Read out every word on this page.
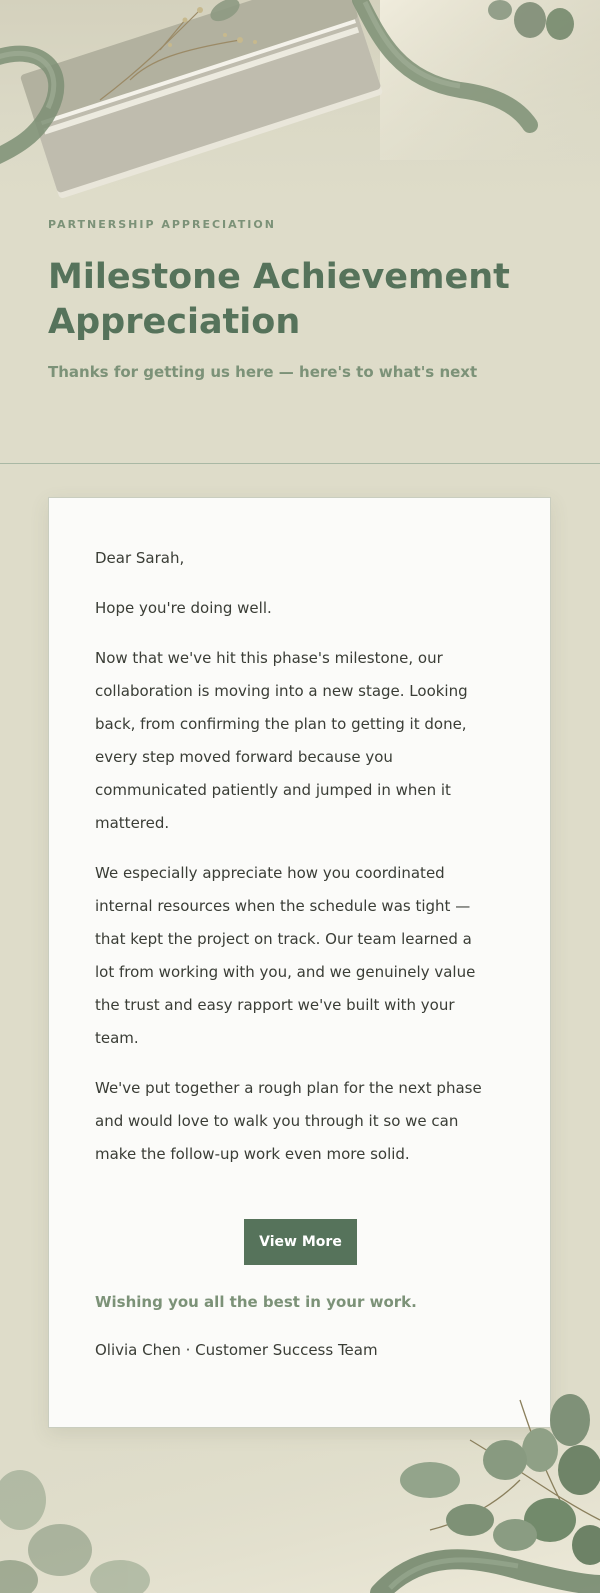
PARTNERSHIP APPRECIATION
Milestone Achievement
Appreciation
Thanks for getting us here — here's to what's next

Dear Sarah,

Hope you're doing well.

Now that we've hit this phase's milestone, our collaboration is moving into a new stage. Looking back, from confirming the plan to getting it done, every step moved forward because you communicated patiently and jumped in when it mattered.

We especially appreciate how you coordinated internal resources when the schedule was tight — that kept the project on track. Our team learned a lot from working with you, and we genuinely value the trust and easy rapport we've built with your team.

We've put together a rough plan for the next phase and would love to walk you through it so we can make the follow-up work even more solid.

View More
Wishing you all the best in your work.
Olivia Chen · Customer Success Team
